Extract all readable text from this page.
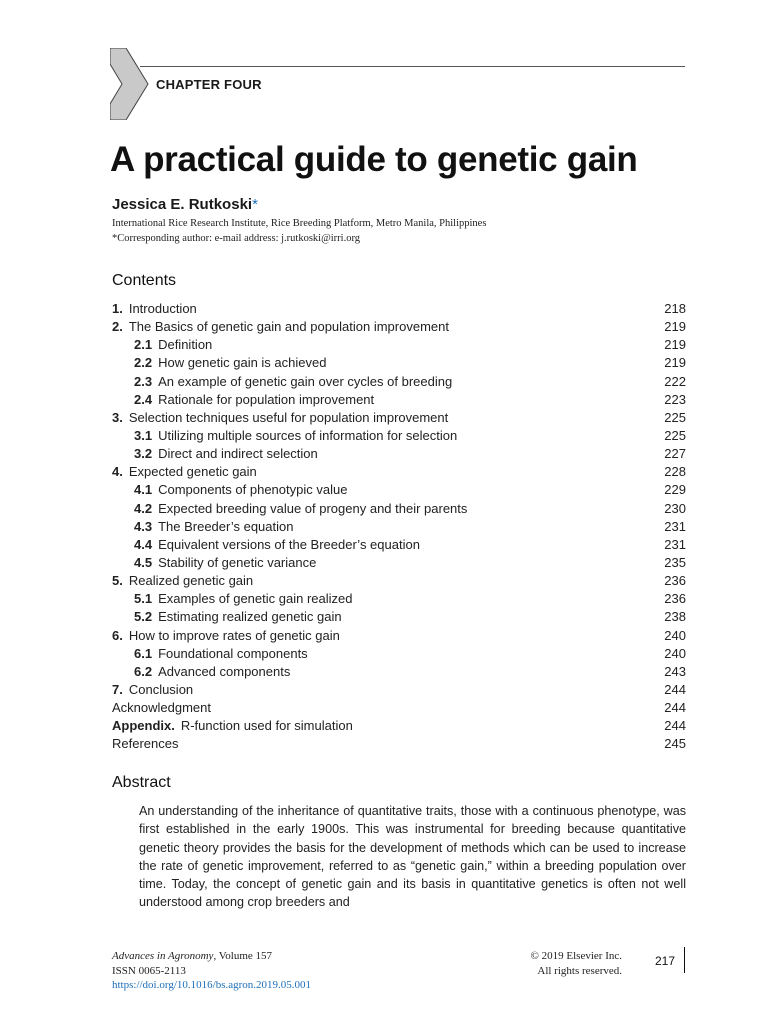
CHAPTER FOUR
A practical guide to genetic gain
Jessica E. Rutkoski*
International Rice Research Institute, Rice Breeding Platform, Metro Manila, Philippines
*Corresponding author: e-mail address: j.rutkoski@irri.org
Contents
1. Introduction	218
2. The Basics of genetic gain and population improvement	219
2.1 Definition	219
2.2 How genetic gain is achieved	219
2.3 An example of genetic gain over cycles of breeding	222
2.4 Rationale for population improvement	223
3. Selection techniques useful for population improvement	225
3.1 Utilizing multiple sources of information for selection	225
3.2 Direct and indirect selection	227
4. Expected genetic gain	228
4.1 Components of phenotypic value	229
4.2 Expected breeding value of progeny and their parents	230
4.3 The Breeder’s equation	231
4.4 Equivalent versions of the Breeder’s equation	231
4.5 Stability of genetic variance	235
5. Realized genetic gain	236
5.1 Examples of genetic gain realized	236
5.2 Estimating realized genetic gain	238
6. How to improve rates of genetic gain	240
6.1 Foundational components	240
6.2 Advanced components	243
7. Conclusion	244
Acknowledgment	244
Appendix. R-function used for simulation	244
References	245
Abstract

An understanding of the inheritance of quantitative traits, those with a continuous phenotype, was first established in the early 1900s. This was instrumental for breeding because quantitative genetic theory provides the basis for the development of methods which can be used to increase the rate of genetic improvement, referred to as “genetic gain,” within a breeding population over time. Today, the concept of genetic gain and its basis in quantitative genetics is often not well understood among crop breeders and

Advances in Agronomy, Volume 157
ISSN 0065-2113
https://doi.org/10.1016/bs.agron.2019.05.001
© 2019 Elsevier Inc.
All rights reserved.
217
